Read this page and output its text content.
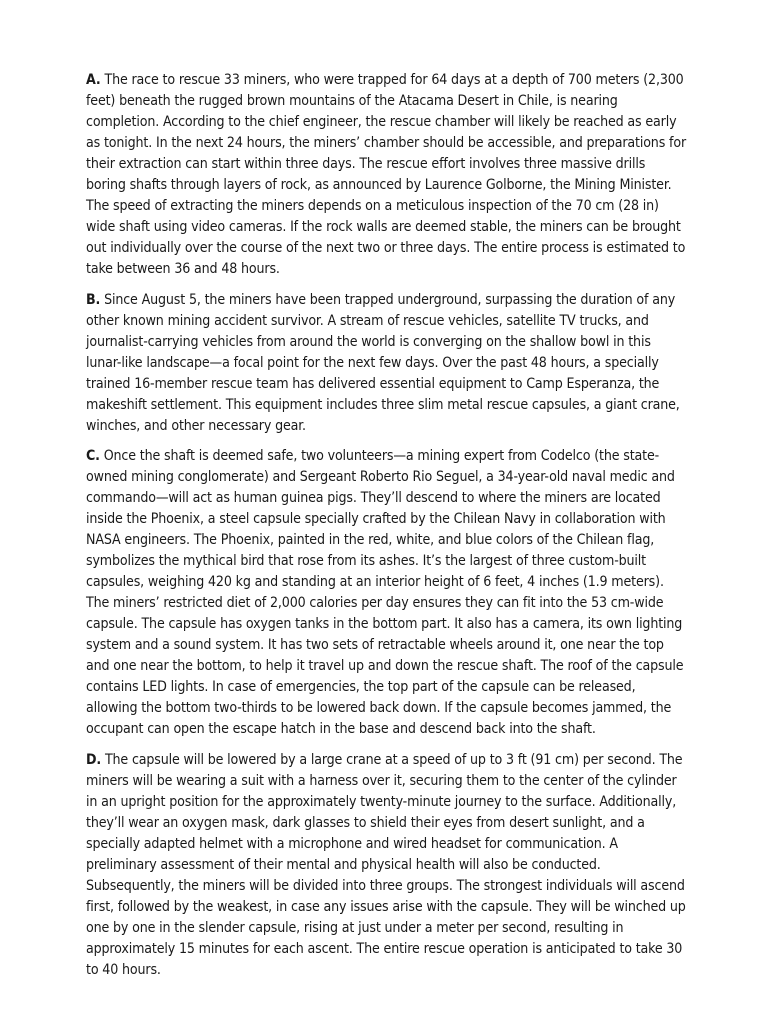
A. The race to rescue 33 miners, who were trapped for 64 days at a depth of 700 meters (2,300 feet) beneath the rugged brown mountains of the Atacama Desert in Chile, is nearing completion. According to the chief engineer, the rescue chamber will likely be reached as early as tonight. In the next 24 hours, the miners’ chamber should be accessible, and preparations for their extraction can start within three days. The rescue effort involves three massive drills boring shafts through layers of rock, as announced by Laurence Golborne, the Mining Minister. The speed of extracting the miners depends on a meticulous inspection of the 70 cm (28 in) wide shaft using video cameras. If the rock walls are deemed stable, the miners can be brought out individually over the course of the next two or three days. The entire process is estimated to take between 36 and 48 hours.

B. Since August 5, the miners have been trapped underground, surpassing the duration of any other known mining accident survivor. A stream of rescue vehicles, satellite TV trucks, and journalist-carrying vehicles from around the world is converging on the shallow bowl in this lunar-like landscape—a focal point for the next few days. Over the past 48 hours, a specially trained 16-member rescue team has delivered essential equipment to Camp Esperanza, the makeshift settlement. This equipment includes three slim metal rescue capsules, a giant crane, winches, and other necessary gear.

C. Once the shaft is deemed safe, two volunteers—a mining expert from Codelco (the state-owned mining conglomerate) and Sergeant Roberto Rio Seguel, a 34-year-old naval medic and commando—will act as human guinea pigs. They’ll descend to where the miners are located inside the Phoenix, a steel capsule specially crafted by the Chilean Navy in collaboration with NASA engineers. The Phoenix, painted in the red, white, and blue colors of the Chilean flag, symbolizes the mythical bird that rose from its ashes. It’s the largest of three custom-built capsules, weighing 420 kg and standing at an interior height of 6 feet, 4 inches (1.9 meters). The miners’ restricted diet of 2,000 calories per day ensures they can fit into the 53 cm-wide capsule. The capsule has oxygen tanks in the bottom part. It also has a camera, its own lighting system and a sound system. It has two sets of retractable wheels around it, one near the top and one near the bottom, to help it travel up and down the rescue shaft. The roof of the capsule contains LED lights. In case of emergencies, the top part of the capsule can be released, allowing the bottom two-thirds to be lowered back down. If the capsule becomes jammed, the occupant can open the escape hatch in the base and descend back into the shaft.

D. The capsule will be lowered by a large crane at a speed of up to 3 ft (91 cm) per second. The miners will be wearing a suit with a harness over it, securing them to the center of the cylinder in an upright position for the approximately twenty-minute journey to the surface. Additionally, they’ll wear an oxygen mask, dark glasses to shield their eyes from desert sunlight, and a specially adapted helmet with a microphone and wired headset for communication. A preliminary assessment of their mental and physical health will also be conducted. Subsequently, the miners will be divided into three groups. The strongest individuals will ascend first, followed by the weakest, in case any issues arise with the capsule. They will be winched up one by one in the slender capsule, rising at just under a meter per second, resulting in approximately 15 minutes for each ascent. The entire rescue operation is anticipated to take 30 to 40 hours.
